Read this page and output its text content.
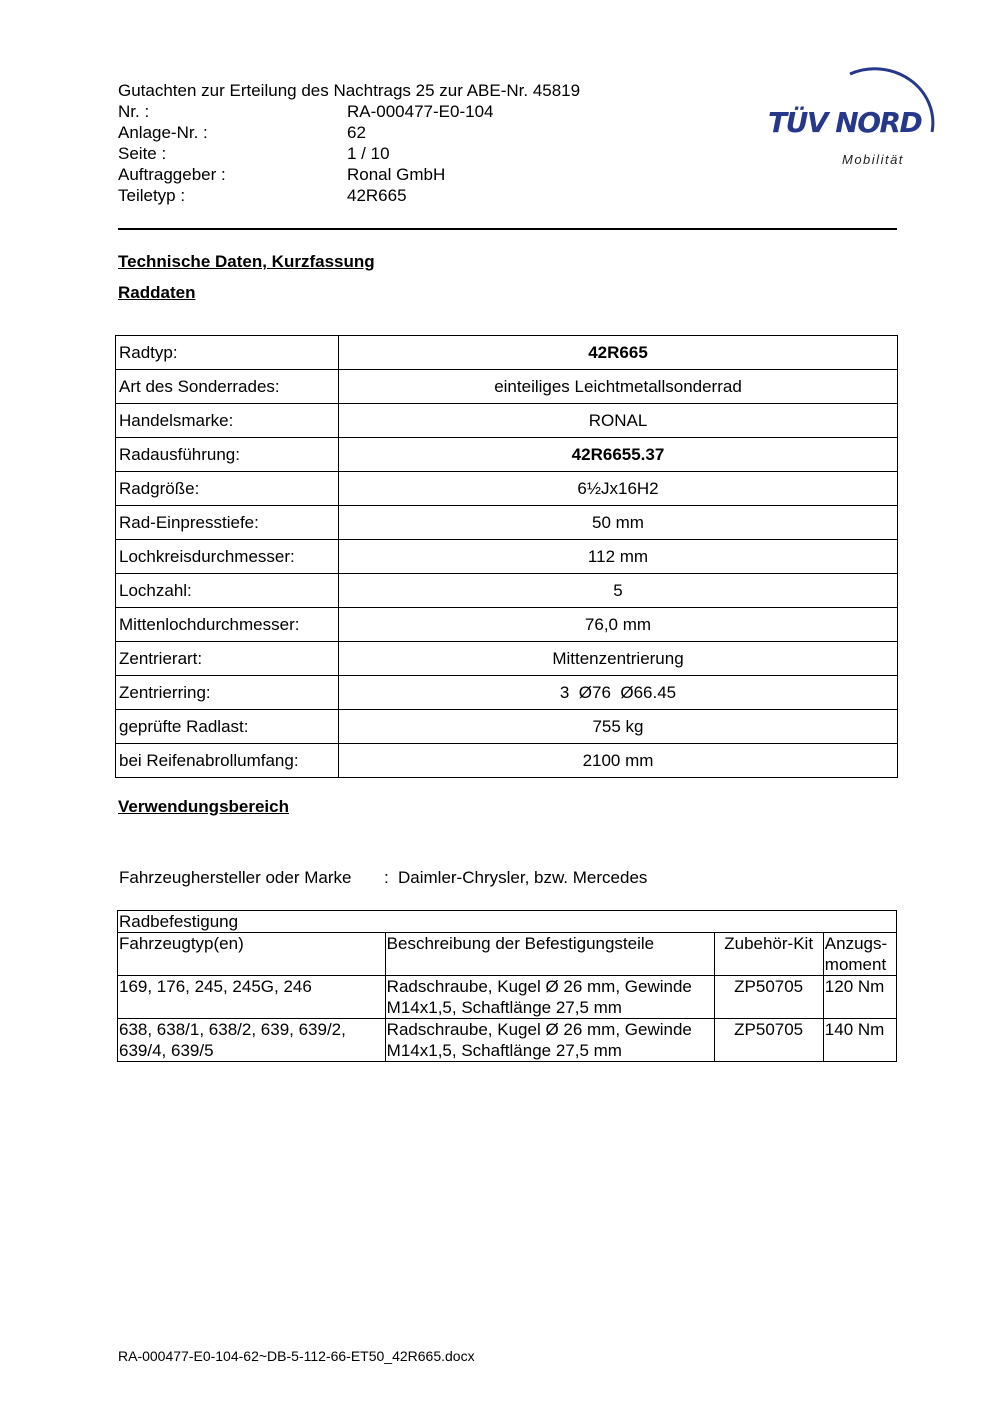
Gutachten zur Erteilung des Nachtrags 25 zur ABE-Nr. 45819
Nr. :	RA-000477-E0-104
Anlage-Nr. :	62
Seite :	1 / 10
Auftraggeber :	Ronal GmbH
Teiletyp :	42R665
TÜV NORD
Mobilität
Technische Daten, Kurzfassung
Raddaten
Radtyp:	42R665
Art des Sonderrades:	einteiliges Leichtmetallsonderrad
Handelsmarke:	RONAL
Radausführung:	42R6655.37
Radgröße:	6½Jx16H2
Rad-Einpresstiefe:	50 mm
Lochkreisdurchmesser:	112 mm
Lochzahl:	5
Mittenlochdurchmesser:	76,0 mm
Zentrierart:	Mittenzentrierung
Zentrierring:	3  Ø76  Ø66.45
geprüfte Radlast:	755 kg
bei Reifenabrollumfang:	2100 mm
Verwendungsbereich
Fahrzeughersteller oder Marke	: Daimler-Chrysler, bzw. Mercedes
Radbefestigung			
Fahrzeugtyp(en)	Beschreibung der Befestigungsteile	Zubehör-Kit	Anzugs-moment
169, 176, 245, 245G, 246	Radschraube, Kugel Ø 26 mm, Gewinde M14x1,5, Schaftlänge 27,5 mm	ZP50705	120 Nm
638, 638/1, 638/2, 639, 639/2, 639/4, 639/5	Radschraube, Kugel Ø 26 mm, Gewinde M14x1,5, Schaftlänge 27,5 mm	ZP50705	140 Nm
RA-000477-E0-104-62~DB-5-112-66-ET50_42R665.docx
